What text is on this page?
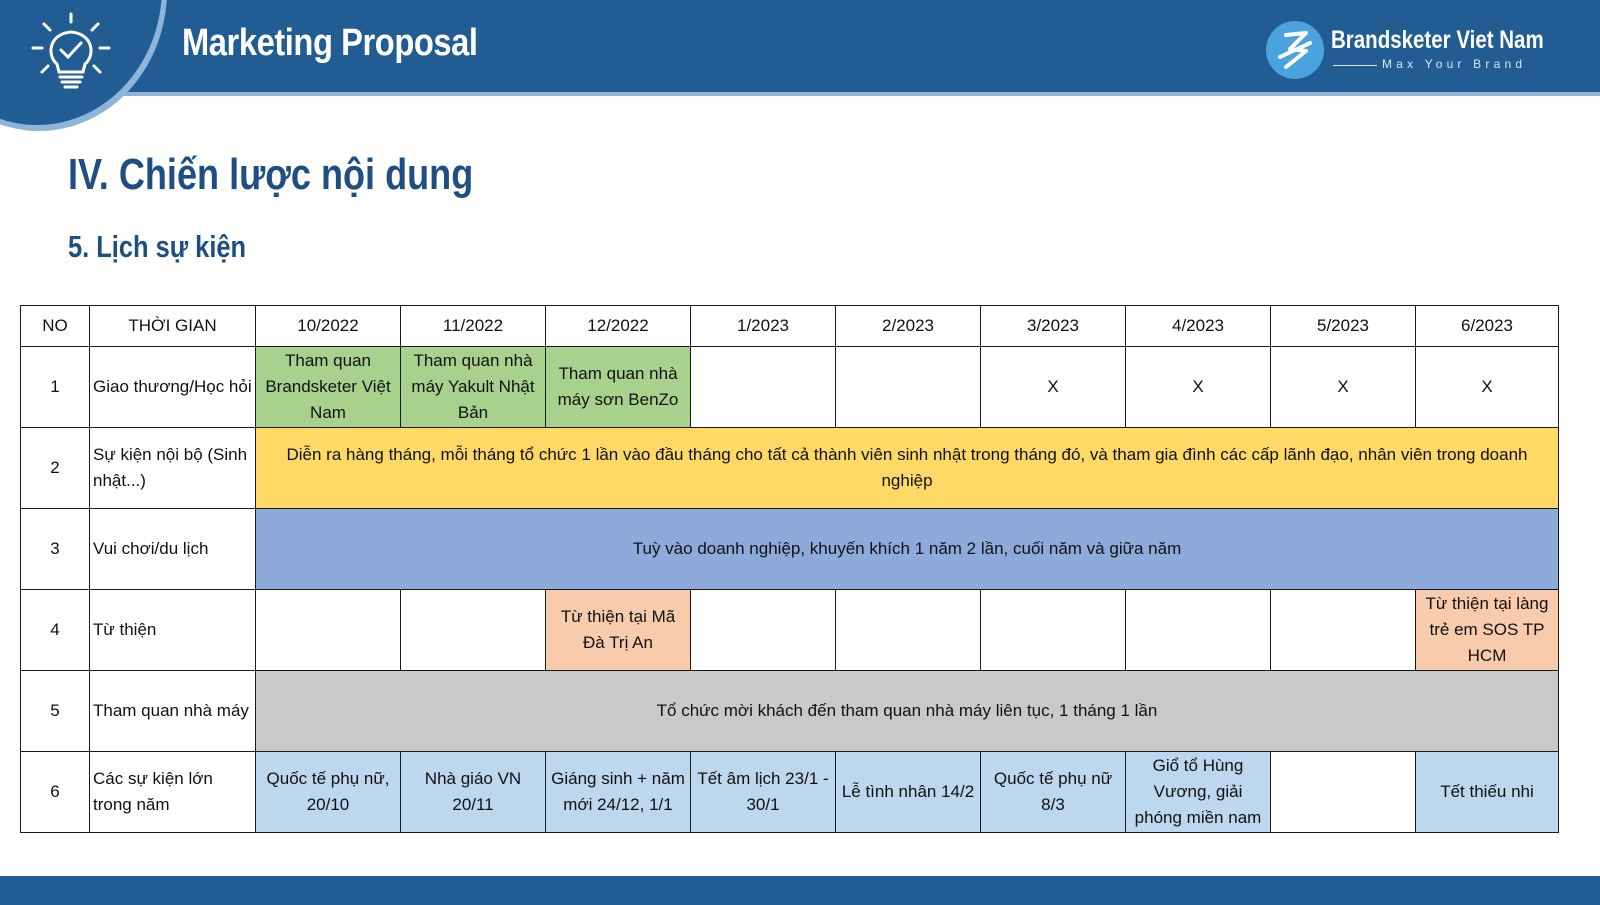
Marketing Proposal	Brandsketer Viet Nam
Max Your Brand
IV. Chiến lược nội dung
5. Lịch sự kiện
NO	THỜI GIAN	10/2022	11/2022	12/2022	1/2023	2/2023	3/2023	4/2023	5/2023	6/2023
1	Giao thương/Học hỏi	Tham quan Brandsketer Việt Nam	Tham quan nhà máy Yakult Nhật Bản	Tham quan nhà máy sơn BenZo			X	X	X	X
2	Sự kiện nội bộ (Sinh nhật...)	Diễn ra hàng tháng, mỗi tháng tổ chức 1 lần vào đầu tháng cho tất cả thành viên sinh nhật trong tháng đó, và tham gia đình các cấp lãnh đạo, nhân viên trong doanh nghiệp								
3	Vui chơi/du lịch	Tuỳ vào doanh nghiệp, khuyến khích 1 năm 2 lần, cuối năm và giữa năm								
4	Từ thiện			Từ thiện tại Mã Đà Trị An						Từ thiện tại làng trẻ em SOS TP HCM
5	Tham quan nhà máy	Tổ chức mời khách đến tham quan nhà máy liên tục, 1 tháng 1 lần								
6	Các sự kiện lớn trong năm	Quốc tế phụ nữ, 20/10	Nhà giáo VN 20/11	Giáng sinh + năm mới 24/12, 1/1	Tết âm lịch 23/1 - 30/1	Lễ tình nhân 14/2	Quốc tế phụ nữ 8/3	Giổ tổ Hùng Vương, giải phóng miền nam		Tết thiếu nhi
